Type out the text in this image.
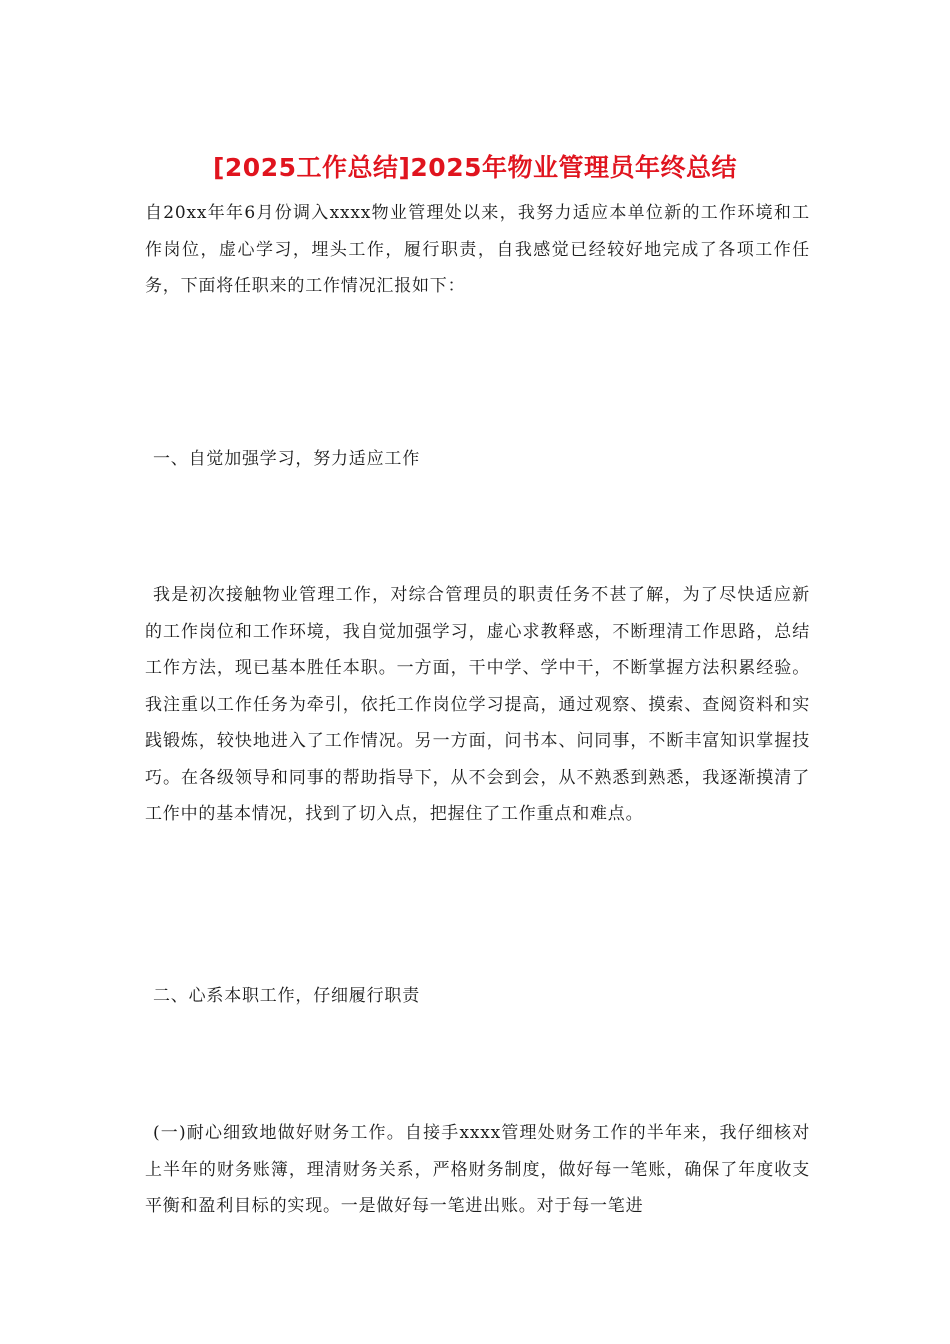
[2025工作总结]2025年物业管理员年终总结
自20xx年年6月份调入xxxx物业管理处以来，我努力适应本单位新的工作环境和工作岗位，虚心学习，埋头工作，履行职责，自我感觉已经较好地完成了各项工作任务，下面将任职来的工作情况汇报如下：
一、自觉加强学习，努力适应工作
我是初次接触物业管理工作，对综合管理员的职责任务不甚了解，为了尽快适应新的工作岗位和工作环境，我自觉加强学习，虚心求教释惑，不断理清工作思路，总结工作方法，现已基本胜任本职。一方面，干中学、学中干，不断掌握方法积累经验。我注重以工作任务为牵引，依托工作岗位学习提高，通过观察、摸索、查阅资料和实践锻炼，较快地进入了工作情况。另一方面，问书本、问同事，不断丰富知识掌握技巧。在各级领导和同事的帮助指导下，从不会到会，从不熟悉到熟悉，我逐渐摸清了工作中的基本情况，找到了切入点，把握住了工作重点和难点。
二、心系本职工作，仔细履行职责
(一)耐心细致地做好财务工作。自接手xxxx管理处财务工作的半年来，我仔细核对上半年的财务账簿，理清财务关系，严格财务制度，做好每一笔账，确保了年度收支平衡和盈利目标的实现。一是做好每一笔进出账。对于每一笔进
